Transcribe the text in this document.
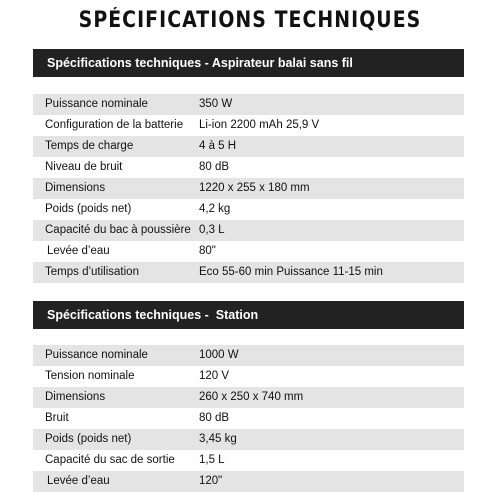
SPÉCIFICATIONS TECHNIQUES
Spécifications techniques - Aspirateur balai sans fil
Puissance nominale	350 W
Configuration de la batterie Li-ion 2200 mAh 25,9 V
Temps de charge	4 à 5 H
Niveau de bruit	80 dB
Dimensions	1220 x 255 x 180 mm
Poids (poids net)	4,2 kg
Capacité du bac à poussière 0,3 L
Levée d’eau	80"
Temps d’utilisation	Eco 55-60 min Puissance 11-15 min
Spécifications techniques -  Station
Puissance nominale	1000 W
Tension nominale	120 V
Dimensions	260 x 250 x 740 mm
Bruit	80 dB
Poids (poids net)	3,45 kg
Capacité du sac de sortie 1,5 L
Levée d’eau	120"
